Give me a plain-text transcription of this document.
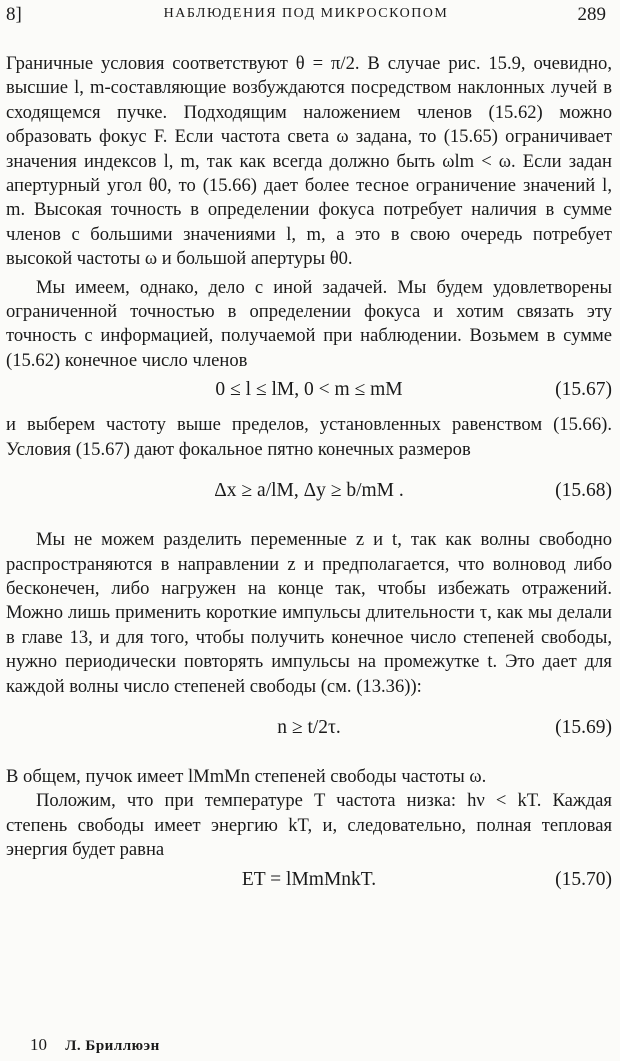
8]	НАБЛЮДЕНИЯ ПОД МИКРОСКОПОМ	289

Граничные условия соответствуют θ = π/2. В случае рис. 15.9, очевидно, высшие l, m-составляющие возбуждаются посредством наклонных лучей в сходящемся пучке. Подходящим наложением членов (15.62) можно образовать фокус F. Если частота света ω задана, то (15.65) ограничивает значения индексов l, m, так как всегда должно быть ωlm < ω. Если задан апертурный угол θ0, то (15.66) дает более тесное ограничение значений l, m. Высокая точность в определении фокуса потребует наличия в сумме членов с большими значениями l, m, а это в свою очередь потребует высокой частоты ω и большой апертуры θ0.

Мы имеем, однако, дело с иной задачей. Мы будем удовлетворены ограниченной точностью в определении фокуса и хотим связать эту точность с информацией, получаемой при наблюдении. Возьмем в сумме (15.62) конечное число членов

0 ≤ l ≤ lM, 0 < m ≤ mM	(15.67)

и выберем частоту выше пределов, установленных равенством (15.66). Условия (15.67) дают фокальное пятно конечных размеров

Δx ≥ a/lM, Δy ≥ b/mM .	(15.68)

Мы не можем разделить переменные z и t, так как волны свободно распространяются в направлении z и предполагается, что волновод либо бесконечен, либо нагружен на конце так, чтобы избежать отражений. Можно лишь применить короткие импульсы длительности τ, как мы делали в главе 13, и для того, чтобы получить конечное число степеней свободы, нужно периодически повторять импульсы на промежутке t. Это дает для каждой волны число степеней свободы (см. (13.36)):

n ≥ t/2τ.	(15.69)

В общем, пучок имеет lMmMn степеней свободы частоты ω.

Положим, что при температуре T частота низка: hν < kT. Каждая степень свободы имеет энергию kT, и, следовательно, полная тепловая энергия будет равна

ET = lMmMnkT.	(15.70)
10 Л. Бриллюэн
